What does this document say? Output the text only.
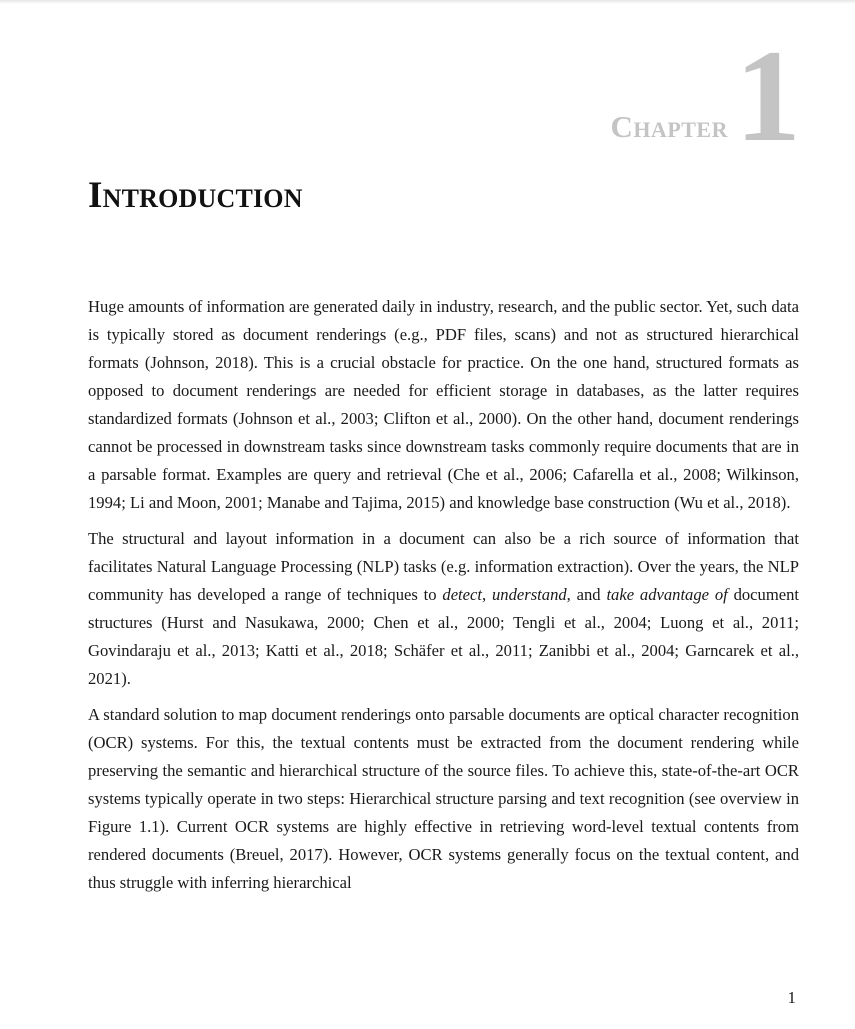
Chapter 1
Introduction

Huge amounts of information are generated daily in industry, research, and the public sector. Yet, such data is typically stored as document renderings (e.g., PDF files, scans) and not as structured hierarchical formats (Johnson, 2018). This is a crucial obstacle for practice. On the one hand, structured formats as opposed to document renderings are needed for efficient storage in databases, as the latter requires standardized formats (Johnson et al., 2003; Clifton et al., 2000). On the other hand, document renderings cannot be processed in downstream tasks since downstream tasks commonly require documents that are in a parsable format. Examples are query and retrieval (Che et al., 2006; Cafarella et al., 2008; Wilkinson, 1994; Li and Moon, 2001; Manabe and Tajima, 2015) and knowledge base construction (Wu et al., 2018).

The structural and layout information in a document can also be a rich source of information that facilitates Natural Language Processing (NLP) tasks (e.g. information extraction). Over the years, the NLP community has developed a range of techniques to detect, understand, and take advantage of document structures (Hurst and Nasukawa, 2000; Chen et al., 2000; Tengli et al., 2004; Luong et al., 2011; Govindaraju et al., 2013; Katti et al., 2018; Schäfer et al., 2011; Zanibbi et al., 2004; Garncarek et al., 2021).

A standard solution to map document renderings onto parsable documents are optical character recognition (OCR) systems. For this, the textual contents must be extracted from the document rendering while preserving the semantic and hierarchical structure of the source files. To achieve this, state-of-the-art OCR systems typically operate in two steps: Hierarchical structure parsing and text recognition (see overview in Figure 1.1). Current OCR systems are highly effective in retrieving word-level textual contents from rendered documents (Breuel, 2017). However, OCR systems generally focus on the textual content, and thus struggle with inferring hierarchical

1
